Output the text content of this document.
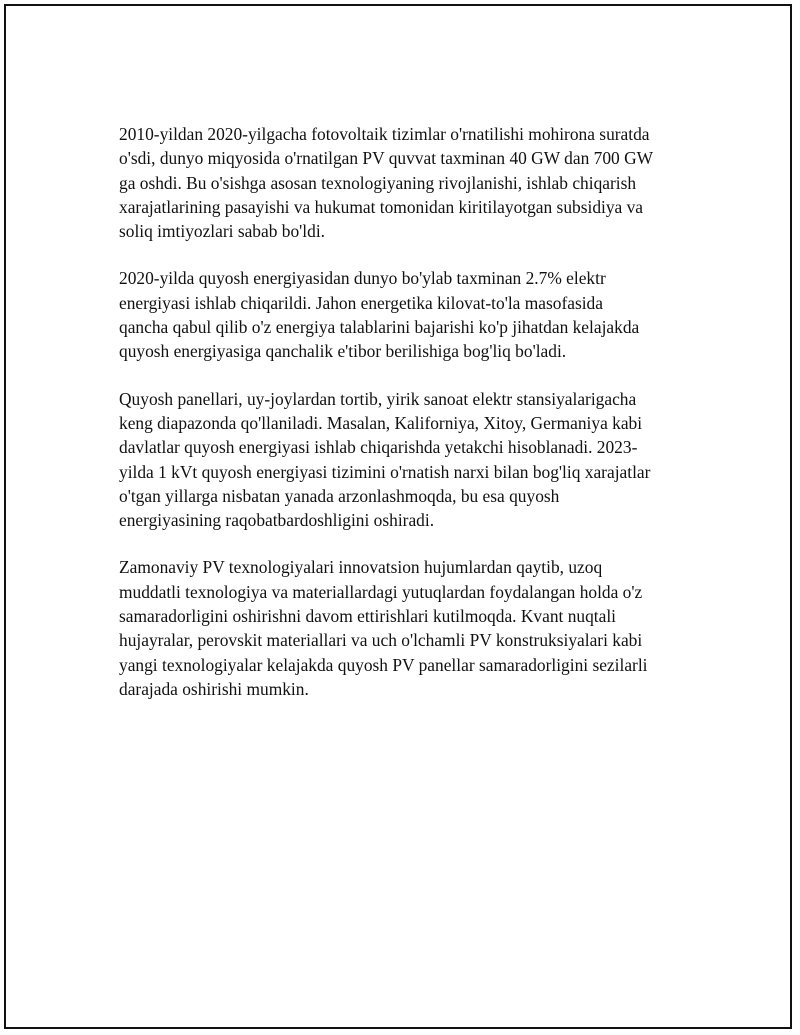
2010-yildan 2020-yilgacha fotovoltaik tizimlar o'rnatilishi mohirona suratda
o'sdi, dunyo miqyosida o'rnatilgan PV quvvat taxminan 40 GW dan 700 GW
ga oshdi. Bu o'sishga asosan texnologiyaning rivojlanishi, ishlab chiqarish
xarajatlarining pasayishi va hukumat tomonidan kiritilayotgan subsidiya va
soliq imtiyozlari sabab bo'ldi.

2020-yilda quyosh energiyasidan dunyo bo'ylab taxminan 2.7% elektr
energiyasi ishlab chiqarildi. Jahon energetika kilovat-to'la masofasida
qancha qabul qilib o'z energiya talablarini bajarishi ko'p jihatdan kelajakda
quyosh energiyasiga qanchalik e'tibor berilishiga bog'liq bo'ladi.

Quyosh panellari, uy-joylardan tortib, yirik sanoat elektr stansiyalarigacha
keng diapazonda qo'llaniladi. Masalan, Kaliforniya, Xitoy, Germaniya kabi
davlatlar quyosh energiyasi ishlab chiqarishda yetakchi hisoblanadi. 2023-
yilda 1 kVt quyosh energiyasi tizimini o'rnatish narxi bilan bog'liq xarajatlar
o'tgan yillarga nisbatan yanada arzonlashmoqda, bu esa quyosh
energiyasining raqobatbardoshligini oshiradi.

Zamonaviy PV texnologiyalari innovatsion hujumlardan qaytib, uzoq
muddatli texnologiya va materiallardagi yutuqlardan foydalangan holda o'z
samaradorligini oshirishni davom ettirishlari kutilmoqda. Kvant nuqtali
hujayralar, perovskit materiallari va uch o'lchamli PV konstruksiyalari kabi
yangi texnologiyalar kelajakda quyosh PV panellar samaradorligini sezilarli
darajada oshirishi mumkin.
